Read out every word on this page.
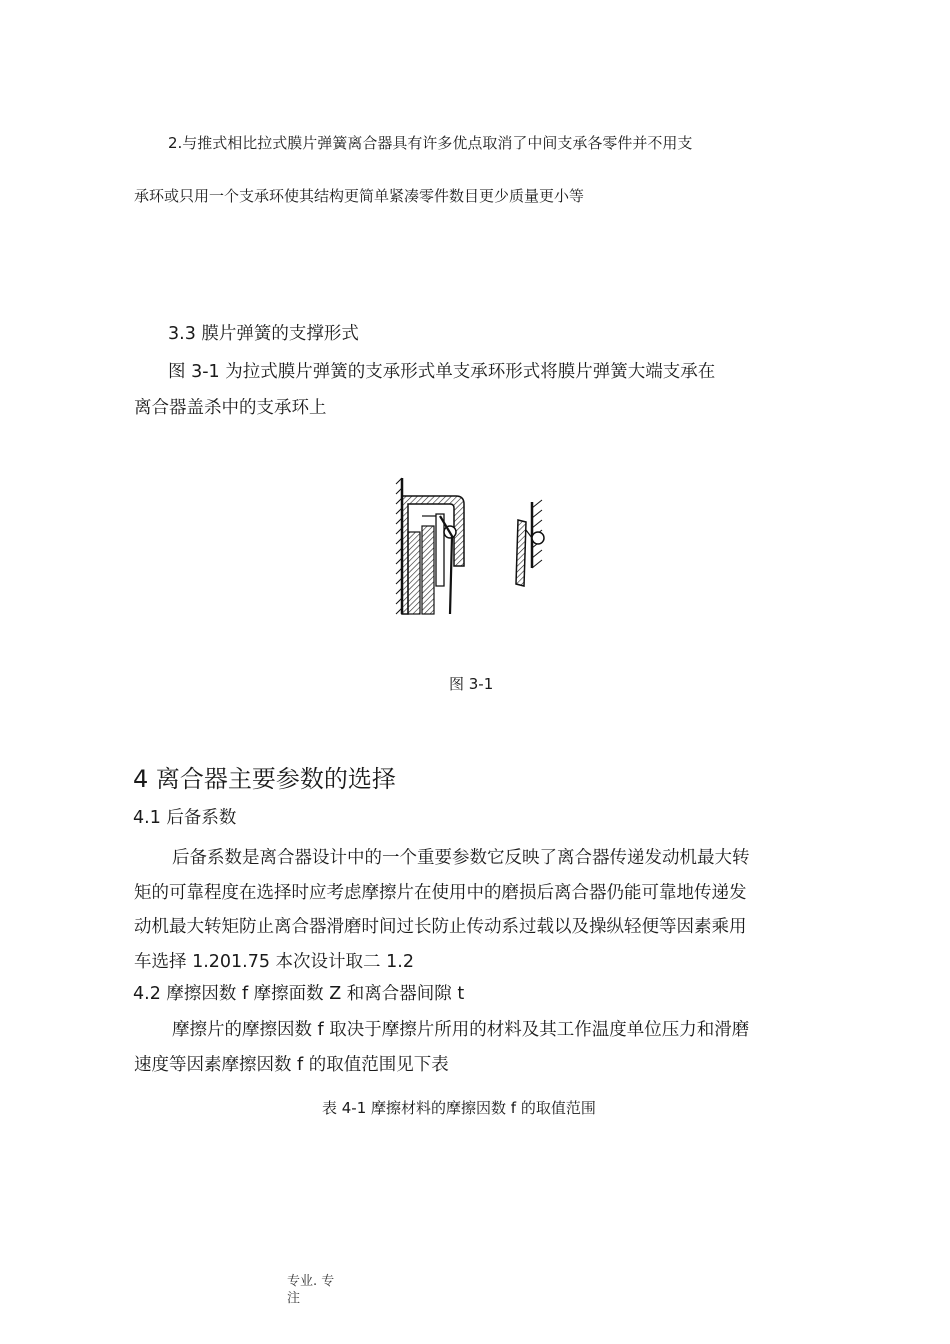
2.与推式相比拉式膜片弹簧离合器具有许多优点取消了中间支承各零件并不用支
承环或只用一个支承环使其结构更简单紧凑零件数目更少质量更小等
3.3 膜片弹簧的支撑形式
图 3-1 为拉式膜片弹簧的支承形式单支承环形式将膜片弹簧大端支承在
离合器盖杀中的支承环上
图 3-1
4 离合器主要参数的选择
4.1 后备系数
后备系数是离合器设计中的一个重要参数它反映了离合器传递发动机最大转
矩的可靠程度在选择时应考虑摩擦片在使用中的磨损后离合器仍能可靠地传递发
动机最大转矩防止离合器滑磨时间过长防止传动系过载以及操纵轻便等因素乘用
车选择 1.201.75 本次设计取二 1.2
4.2 摩擦因数 f 摩擦面数 Z 和离合器间隙 t
摩擦片的摩擦因数 f 取决于摩擦片所用的材料及其工作温度单位压力和滑磨
速度等因素摩擦因数 f 的取值范围见下表
表 4-1 摩擦材料的摩擦因数 f 的取值范围
专业. 专
注
